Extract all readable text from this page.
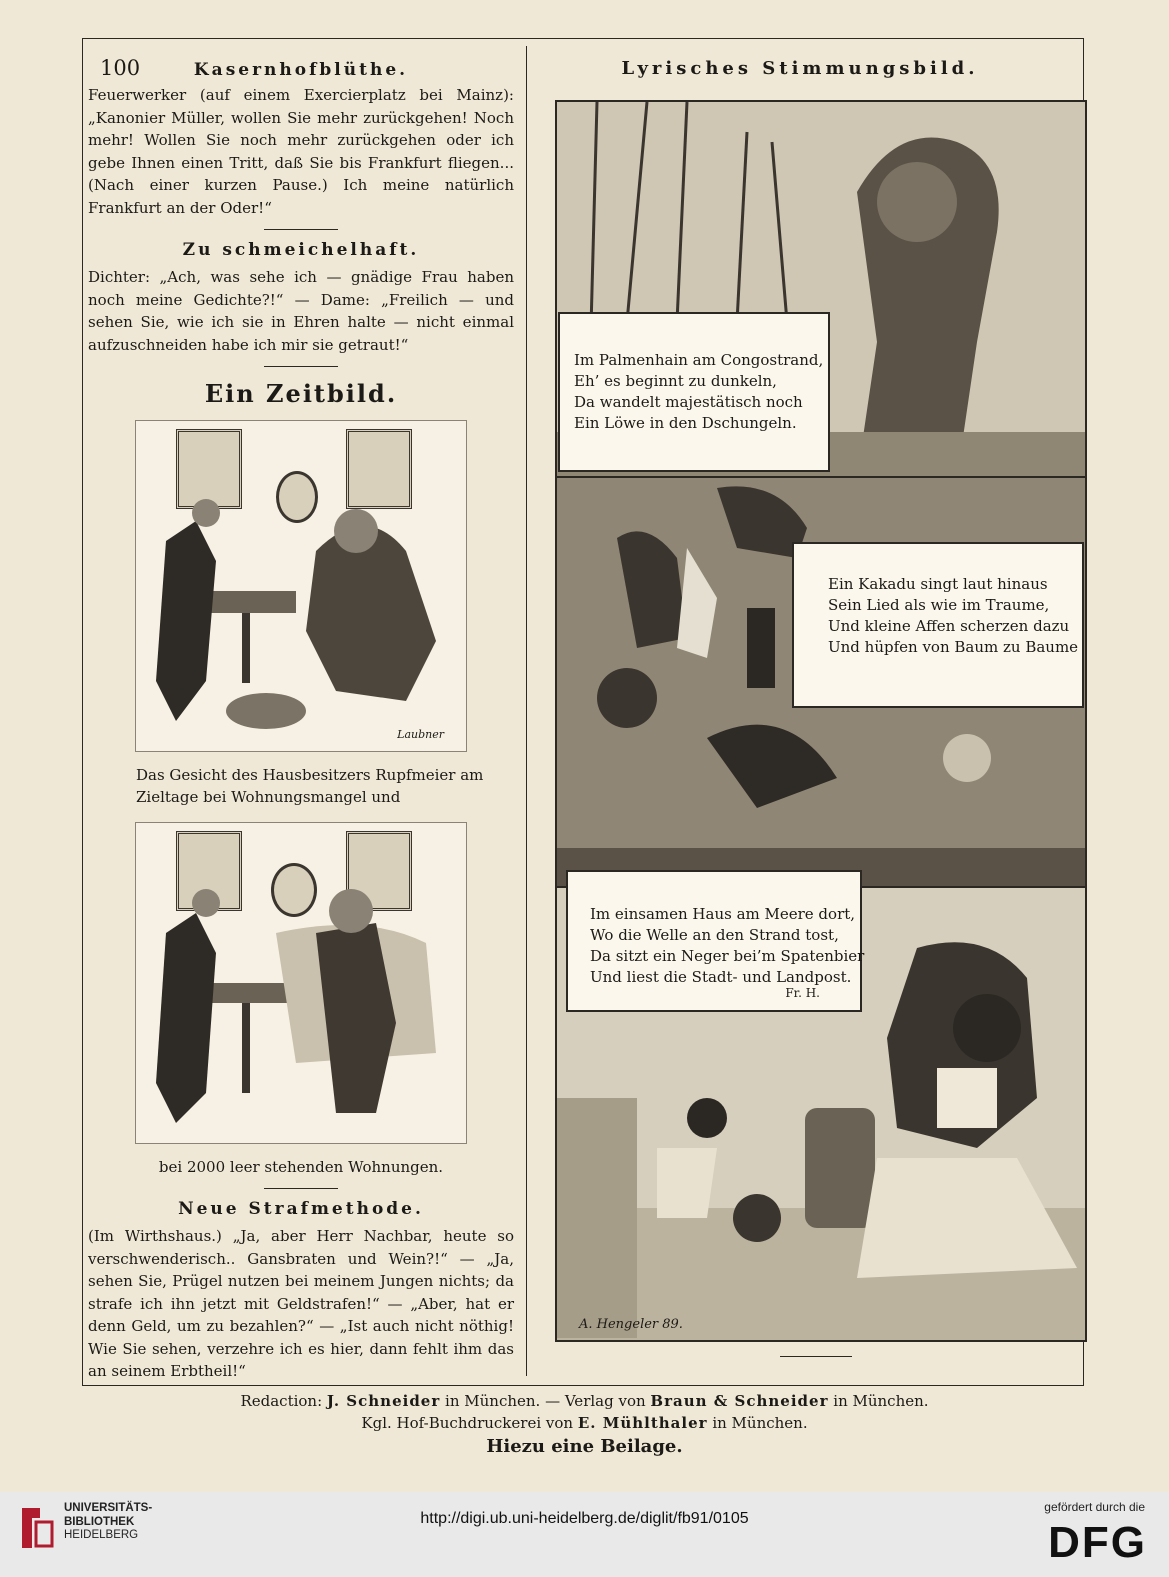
100	Kasernhofblüthe.

Feuerwerker (auf einem Exercierplatz bei Mainz): „Kanonier Müller, wollen Sie mehr zurückgehen! Noch mehr! Wollen Sie noch mehr zurückgehen oder ich gebe Ihnen einen Tritt, daß Sie bis Frankfurt fliegen... (Nach einer kurzen Pause.) Ich meine natürlich Frankfurt an der Oder!“

Zu schmeichelhaft.

Dichter: „Ach, was sehe ich — gnädige Frau haben noch meine Gedichte?!“ — Dame: „Freilich — und sehen Sie, wie ich sie in Ehren halte — nicht einmal aufzuschneiden habe ich mir sie getraut!“

Ein Zeitbild.
Laubner
Das Gesicht des Hausbesitzers Rupfmeier am Zieltage bei Wohnungsmangel und
bei 2000 leer stehenden Wohnungen.
Neue Strafmethode.

(Im Wirthshaus.) „Ja, aber Herr Nachbar, heute so verschwenderisch.. Gansbraten und Wein?!“ — „Ja, sehen Sie, Prügel nutzen bei meinem Jungen nichts; da strafe ich ihn jetzt mit Geldstrafen!“ — „Aber, hat er denn Geld, um zu bezahlen?“ — „Ist auch nicht nöthig! Wie Sie sehen, verzehre ich es hier, dann fehlt ihm das an seinem Erbtheil!“

Lyrisches Stimmungsbild.
Im Palmenhain am Congostrand,
Eh’ es beginnt zu dunkeln,
Da wandelt majestätisch noch
Ein Löwe in den Dschungeln.
Ein Kakadu singt laut hinaus
Sein Lied als wie im Traume,
Und kleine Affen scherzen dazu
Und hüpfen von Baum zu Baume
A. Hengeler 89.
Im einsamen Haus am Meere dort,
Wo die Welle an den Strand tost,
Da sitzt ein Neger bei’m Spatenbier
Und liest die Stadt- und Landpost.
Fr. H.
Redaction: J. Schneider in München. — Verlag von Braun & Schneider in München.
Kgl. Hof-Buchdruckerei von E. Mühlthaler in München.
Hiezu eine Beilage.
UNIVERSITÄTS-
BIBLIOTHEK
HEIDELBERG
http://digi.ub.uni-heidelberg.de/diglit/fb91/0105
gefördert durch die
DFG
